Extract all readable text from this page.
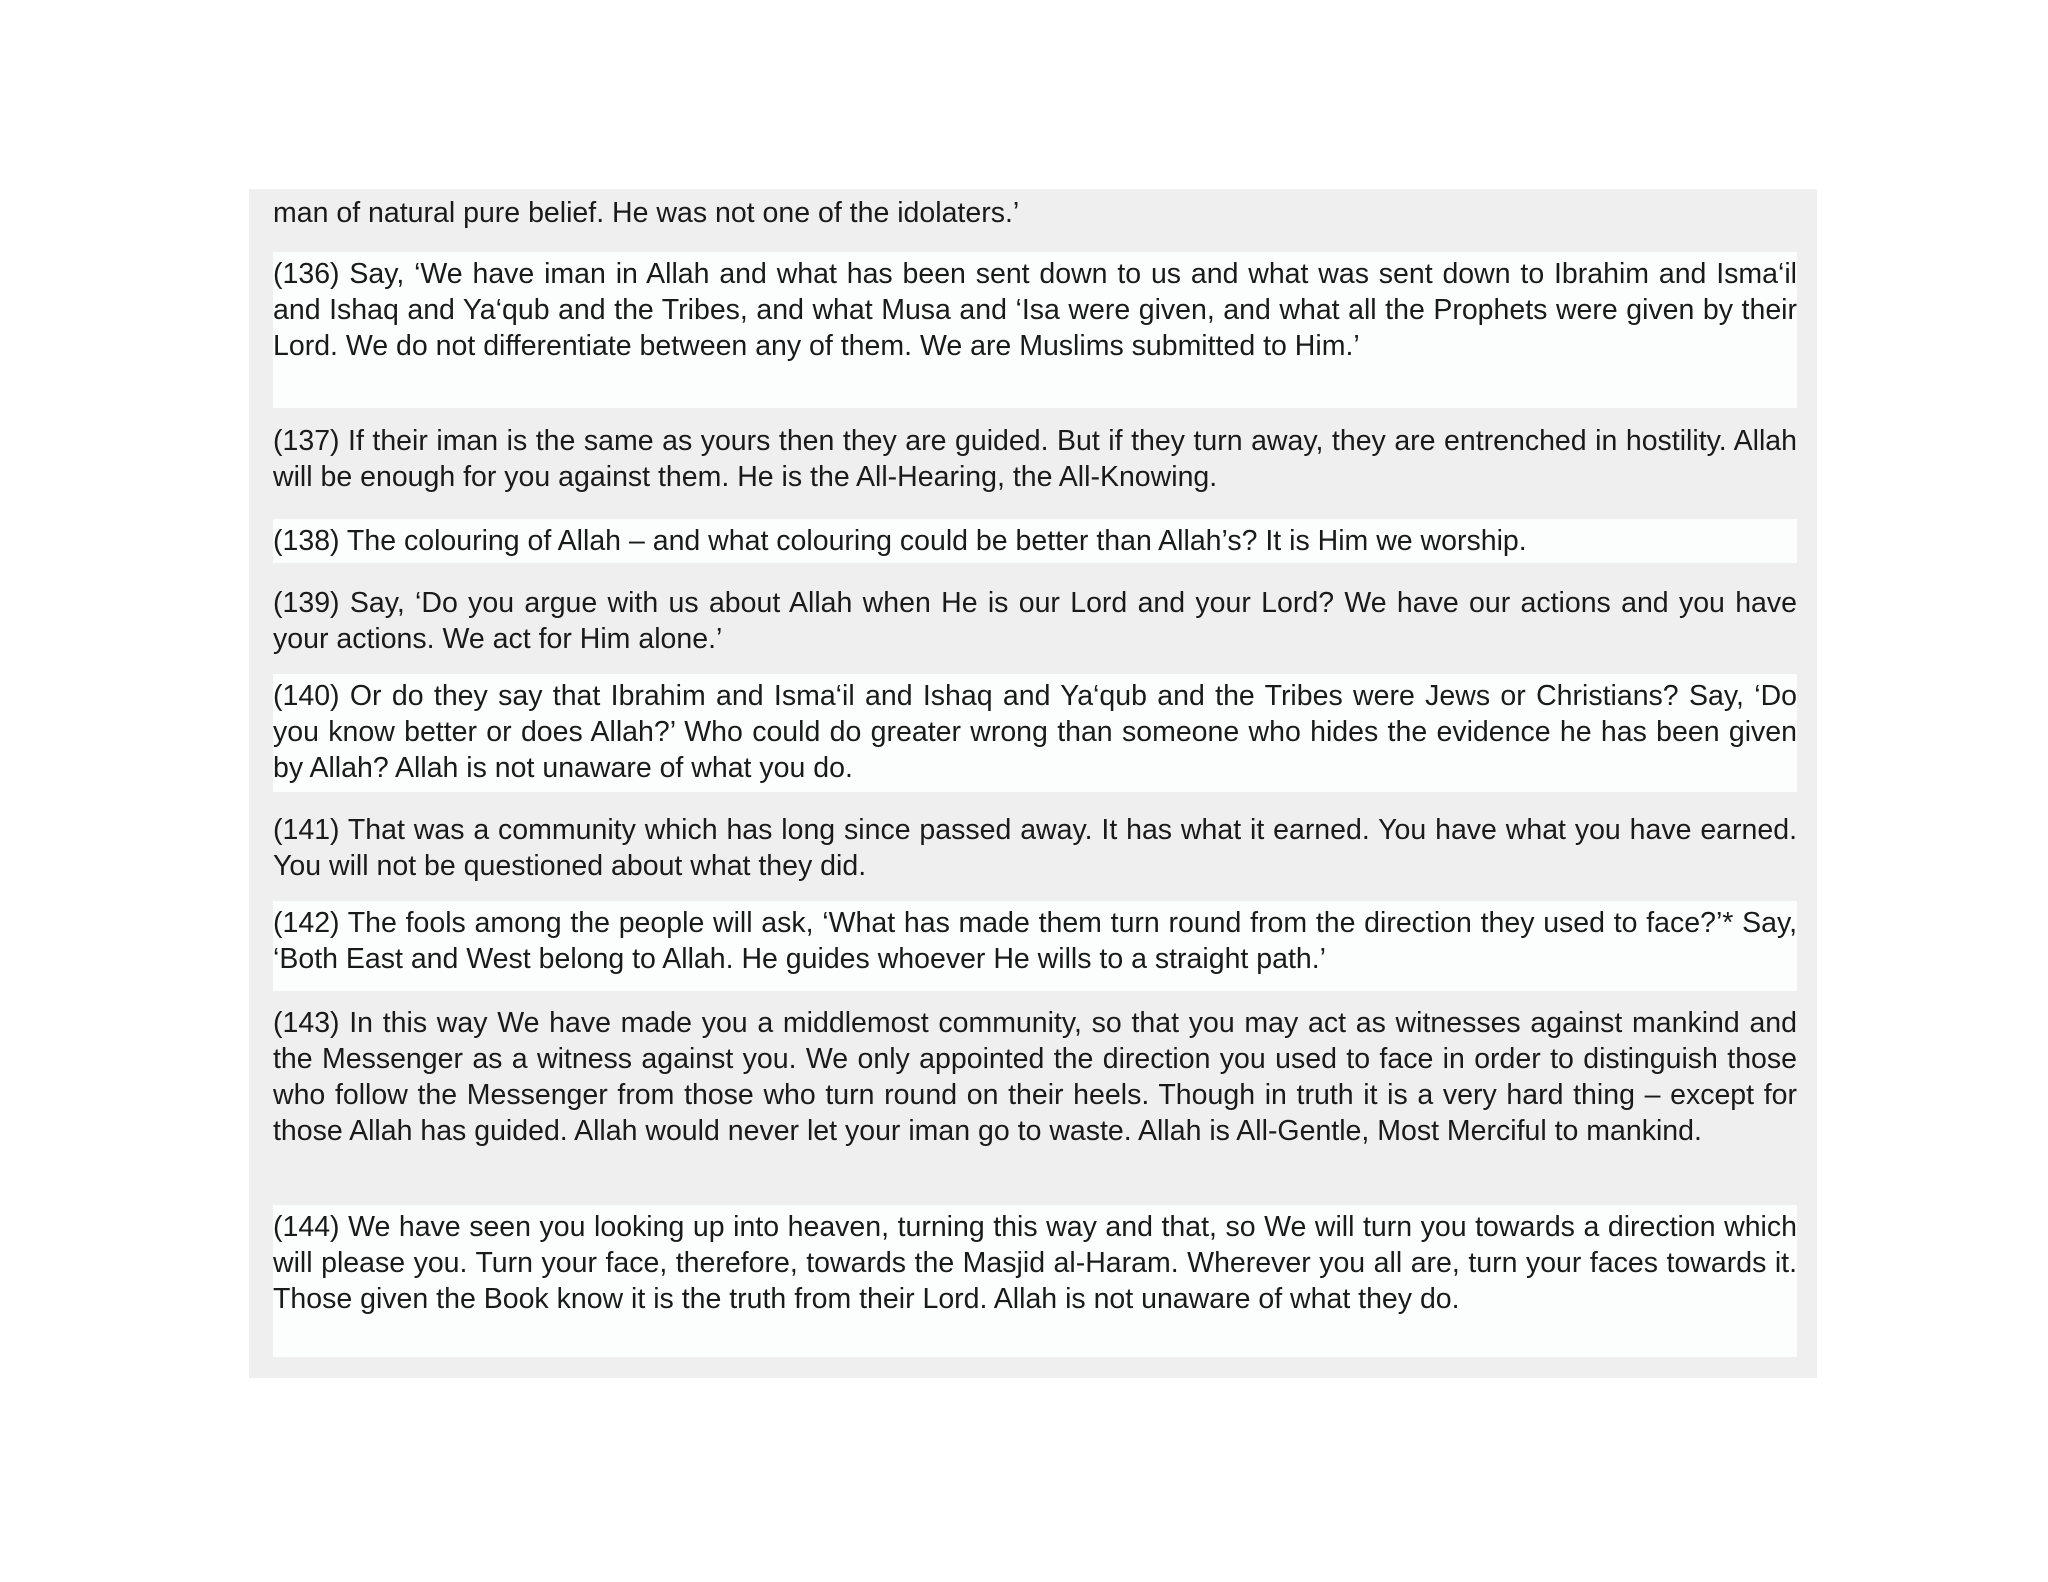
man of natural pure belief. He was not one of the idolaters.’

(136) Say, ‘We have iman in Allah and what has been sent down to us and what was sent down to Ibrahim and Isma‘il and Ishaq and Ya‘qub and the Tribes, and what Musa and ‘Isa were given, and what all the Prophets were given by their Lord. We do not differentiate between any of them. We are Muslims submitted to Him.’

(137) If their iman is the same as yours then they are guided. But if they turn away, they are entrenched in hostility. Allah will be enough for you against them. He is the All-Hearing, the All-Knowing.

(138) The colouring of Allah – and what colouring could be better than Allah’s? It is Him we worship.

(139) Say, ‘Do you argue with us about Allah when He is our Lord and your Lord? We have our actions and you have your actions. We act for Him alone.’

(140) Or do they say that Ibrahim and Isma‘il and Ishaq and Ya‘qub and the Tribes were Jews or Christians? Say, ‘Do you know better or does Allah?’ Who could do greater wrong than someone who hides the evidence he has been given by Allah? Allah is not unaware of what you do.

(141) That was a community which has long since passed away. It has what it earned. You have what you have earned. You will not be questioned about what they did.

(142) The fools among the people will ask, ‘What has made them turn round from the direction they used to face?’* Say, ‘Both East and West belong to Allah. He guides whoever He wills to a straight path.’

(143) In this way We have made you a middlemost community, so that you may act as witnesses against mankind and the Messenger as a witness against you. We only appointed the direction you used to face in order to distinguish those who follow the Messenger from those who turn round on their heels. Though in truth it is a very hard thing – except for those Allah has guided. Allah would never let your iman go to waste. Allah is All-Gentle, Most Merciful to mankind.

(144) We have seen you looking up into heaven, turning this way and that, so We will turn you towards a direction which will please you. Turn your face, therefore, towards the Masjid al-Haram. Wherever you all are, turn your faces towards it. Those given the Book know it is the truth from their Lord. Allah is not unaware of what they do.
